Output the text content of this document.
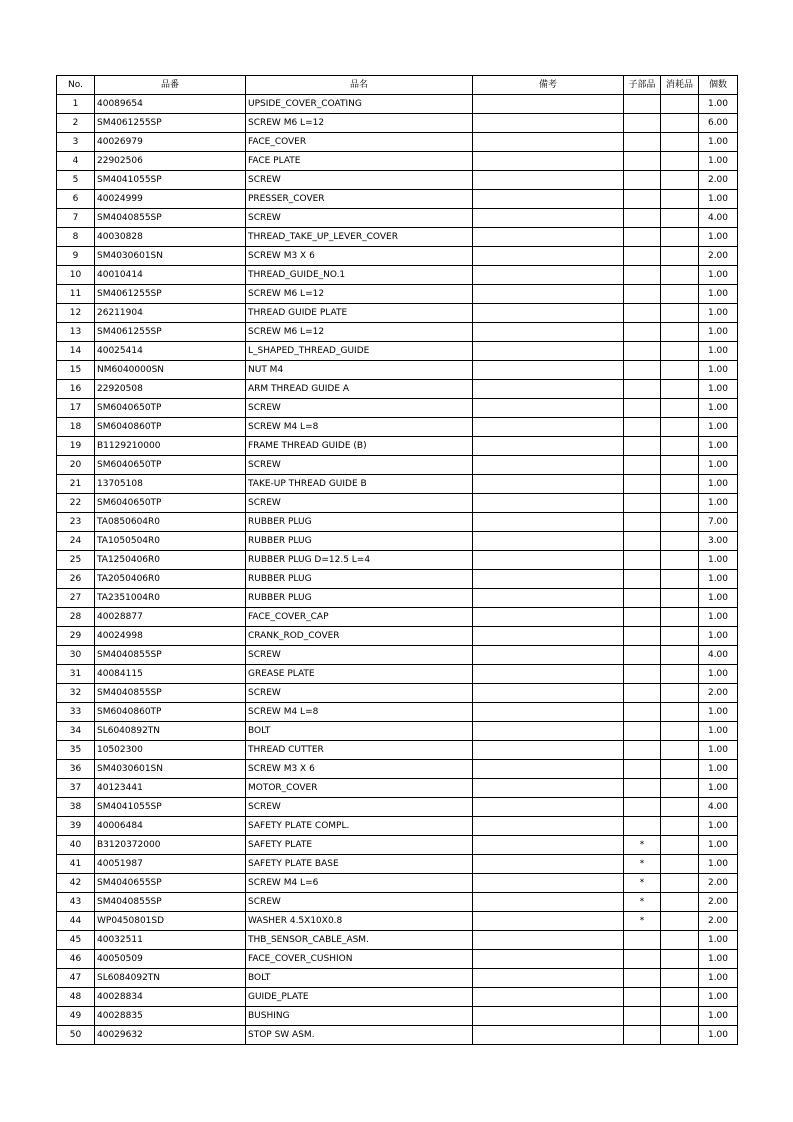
No.	品番	品名	備考	子部品	消耗品	個数
1	40089654	UPSIDE_COVER_COATING				1.00
2	SM4061255SP	SCREW M6 L=12				6.00
3	40026979	FACE_COVER				1.00
4	22902506	FACE PLATE				1.00
5	SM4041055SP	SCREW				2.00
6	40024999	PRESSER_COVER				1.00
7	SM4040855SP	SCREW				4.00
8	40030828	THREAD_TAKE_UP_LEVER_COVER				1.00
9	SM4030601SN	SCREW M3 X 6				2.00
10	40010414	THREAD_GUIDE_NO.1				1.00
11	SM4061255SP	SCREW M6 L=12				1.00
12	26211904	THREAD GUIDE PLATE				1.00
13	SM4061255SP	SCREW M6 L=12				1.00
14	40025414	L_SHAPED_THREAD_GUIDE				1.00
15	NM6040000SN	NUT M4				1.00
16	22920508	ARM THREAD GUIDE A				1.00
17	SM6040650TP	SCREW				1.00
18	SM6040860TP	SCREW M4 L=8				1.00
19	B1129210000	FRAME THREAD GUIDE (B)				1.00
20	SM6040650TP	SCREW				1.00
21	13705108	TAKE-UP THREAD GUIDE B				1.00
22	SM6040650TP	SCREW				1.00
23	TA0850604R0	RUBBER PLUG				7.00
24	TA1050504R0	RUBBER PLUG				3.00
25	TA1250406R0	RUBBER PLUG D=12.5 L=4				1.00
26	TA2050406R0	RUBBER PLUG				1.00
27	TA2351004R0	RUBBER PLUG				1.00
28	40028877	FACE_COVER_CAP				1.00
29	40024998	CRANK_ROD_COVER				1.00
30	SM4040855SP	SCREW				4.00
31	40084115	GREASE PLATE				1.00
32	SM4040855SP	SCREW				2.00
33	SM6040860TP	SCREW M4 L=8				1.00
34	SL6040892TN	BOLT				1.00
35	10502300	THREAD CUTTER				1.00
36	SM4030601SN	SCREW M3 X 6				1.00
37	40123441	MOTOR_COVER				1.00
38	SM4041055SP	SCREW				4.00
39	40006484	SAFETY PLATE COMPL.				1.00
40	B3120372000	SAFETY PLATE		*		1.00
41	40051987	SAFETY PLATE BASE		*		1.00
42	SM4040655SP	SCREW M4 L=6		*		2.00
43	SM4040855SP	SCREW		*		2.00
44	WP0450801SD	WASHER 4.5X10X0.8		*		2.00
45	40032511	THB_SENSOR_CABLE_ASM.				1.00
46	40050509	FACE_COVER_CUSHION				1.00
47	SL6084092TN	BOLT				1.00
48	40028834	GUIDE_PLATE				1.00
49	40028835	BUSHING				1.00
50	40029632	STOP SW ASM.				1.00
